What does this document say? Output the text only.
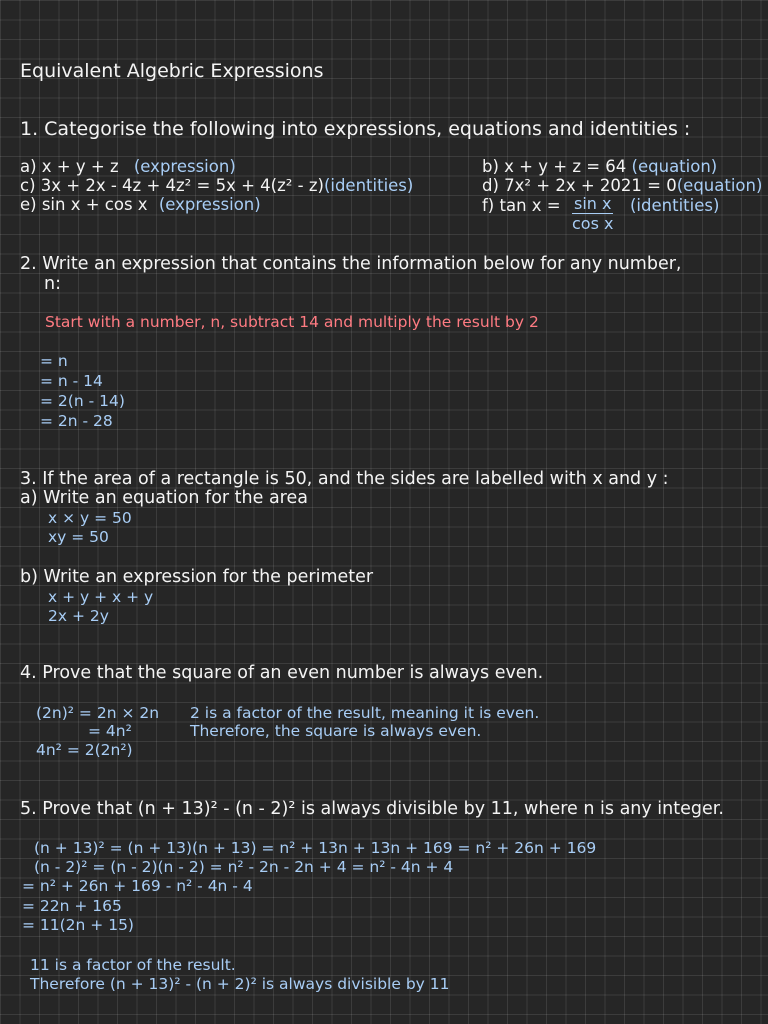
Equivalent Algebric Expressions
1. Categorise the following into expressions, equations and identities :
a) x + y + z (expression)
c) 3x + 2x - 4z + 4z² = 5x + 4(z² - z)(identities)
e) sin x + cos x (expression)
b) x + y + z = 64 (equation)
d) 7x² + 2x + 2021 = 0(equation)
f) $\tan x = \frac{\text{sin x}}{\text{cos x}}$ (identities)
2. Write an expression that contains the information below for any number,
n:
Start with a number, n, subtract 14 and multiply the result by 2
= n
= n - 14
= 2(n - 14)
= 2n - 28
3. If the area of a rectangle is 50, and the sides are labelled with x and y :
a) Write an equation for the area
x × y = 50
xy = 50
b) Write an expression for the perimeter
x + y + x + y
2x + 2y
4. Prove that the square of an even number is always even.
(2n)² = 2n × 2n
= 4n²
4n² = 2(2n²)
2 is a factor of the result, meaning it is even.
Therefore, the square is always even.
5. Prove that (n + 13)² - (n - 2)² is always divisible by 11, where n is any integer.
(n + 13)² = (n + 13)(n + 13) = n² + 13n + 13n + 169 = n² + 26n + 169
(n - 2)² = (n - 2)(n - 2) = n² - 2n - 2n + 4 = n² - 4n + 4
= n² + 26n + 169 - n² - 4n - 4
= 22n + 165
= 11(2n + 15)
11 is a factor of the result.
Therefore (n + 13)² - (n + 2)² is always divisible by 11
